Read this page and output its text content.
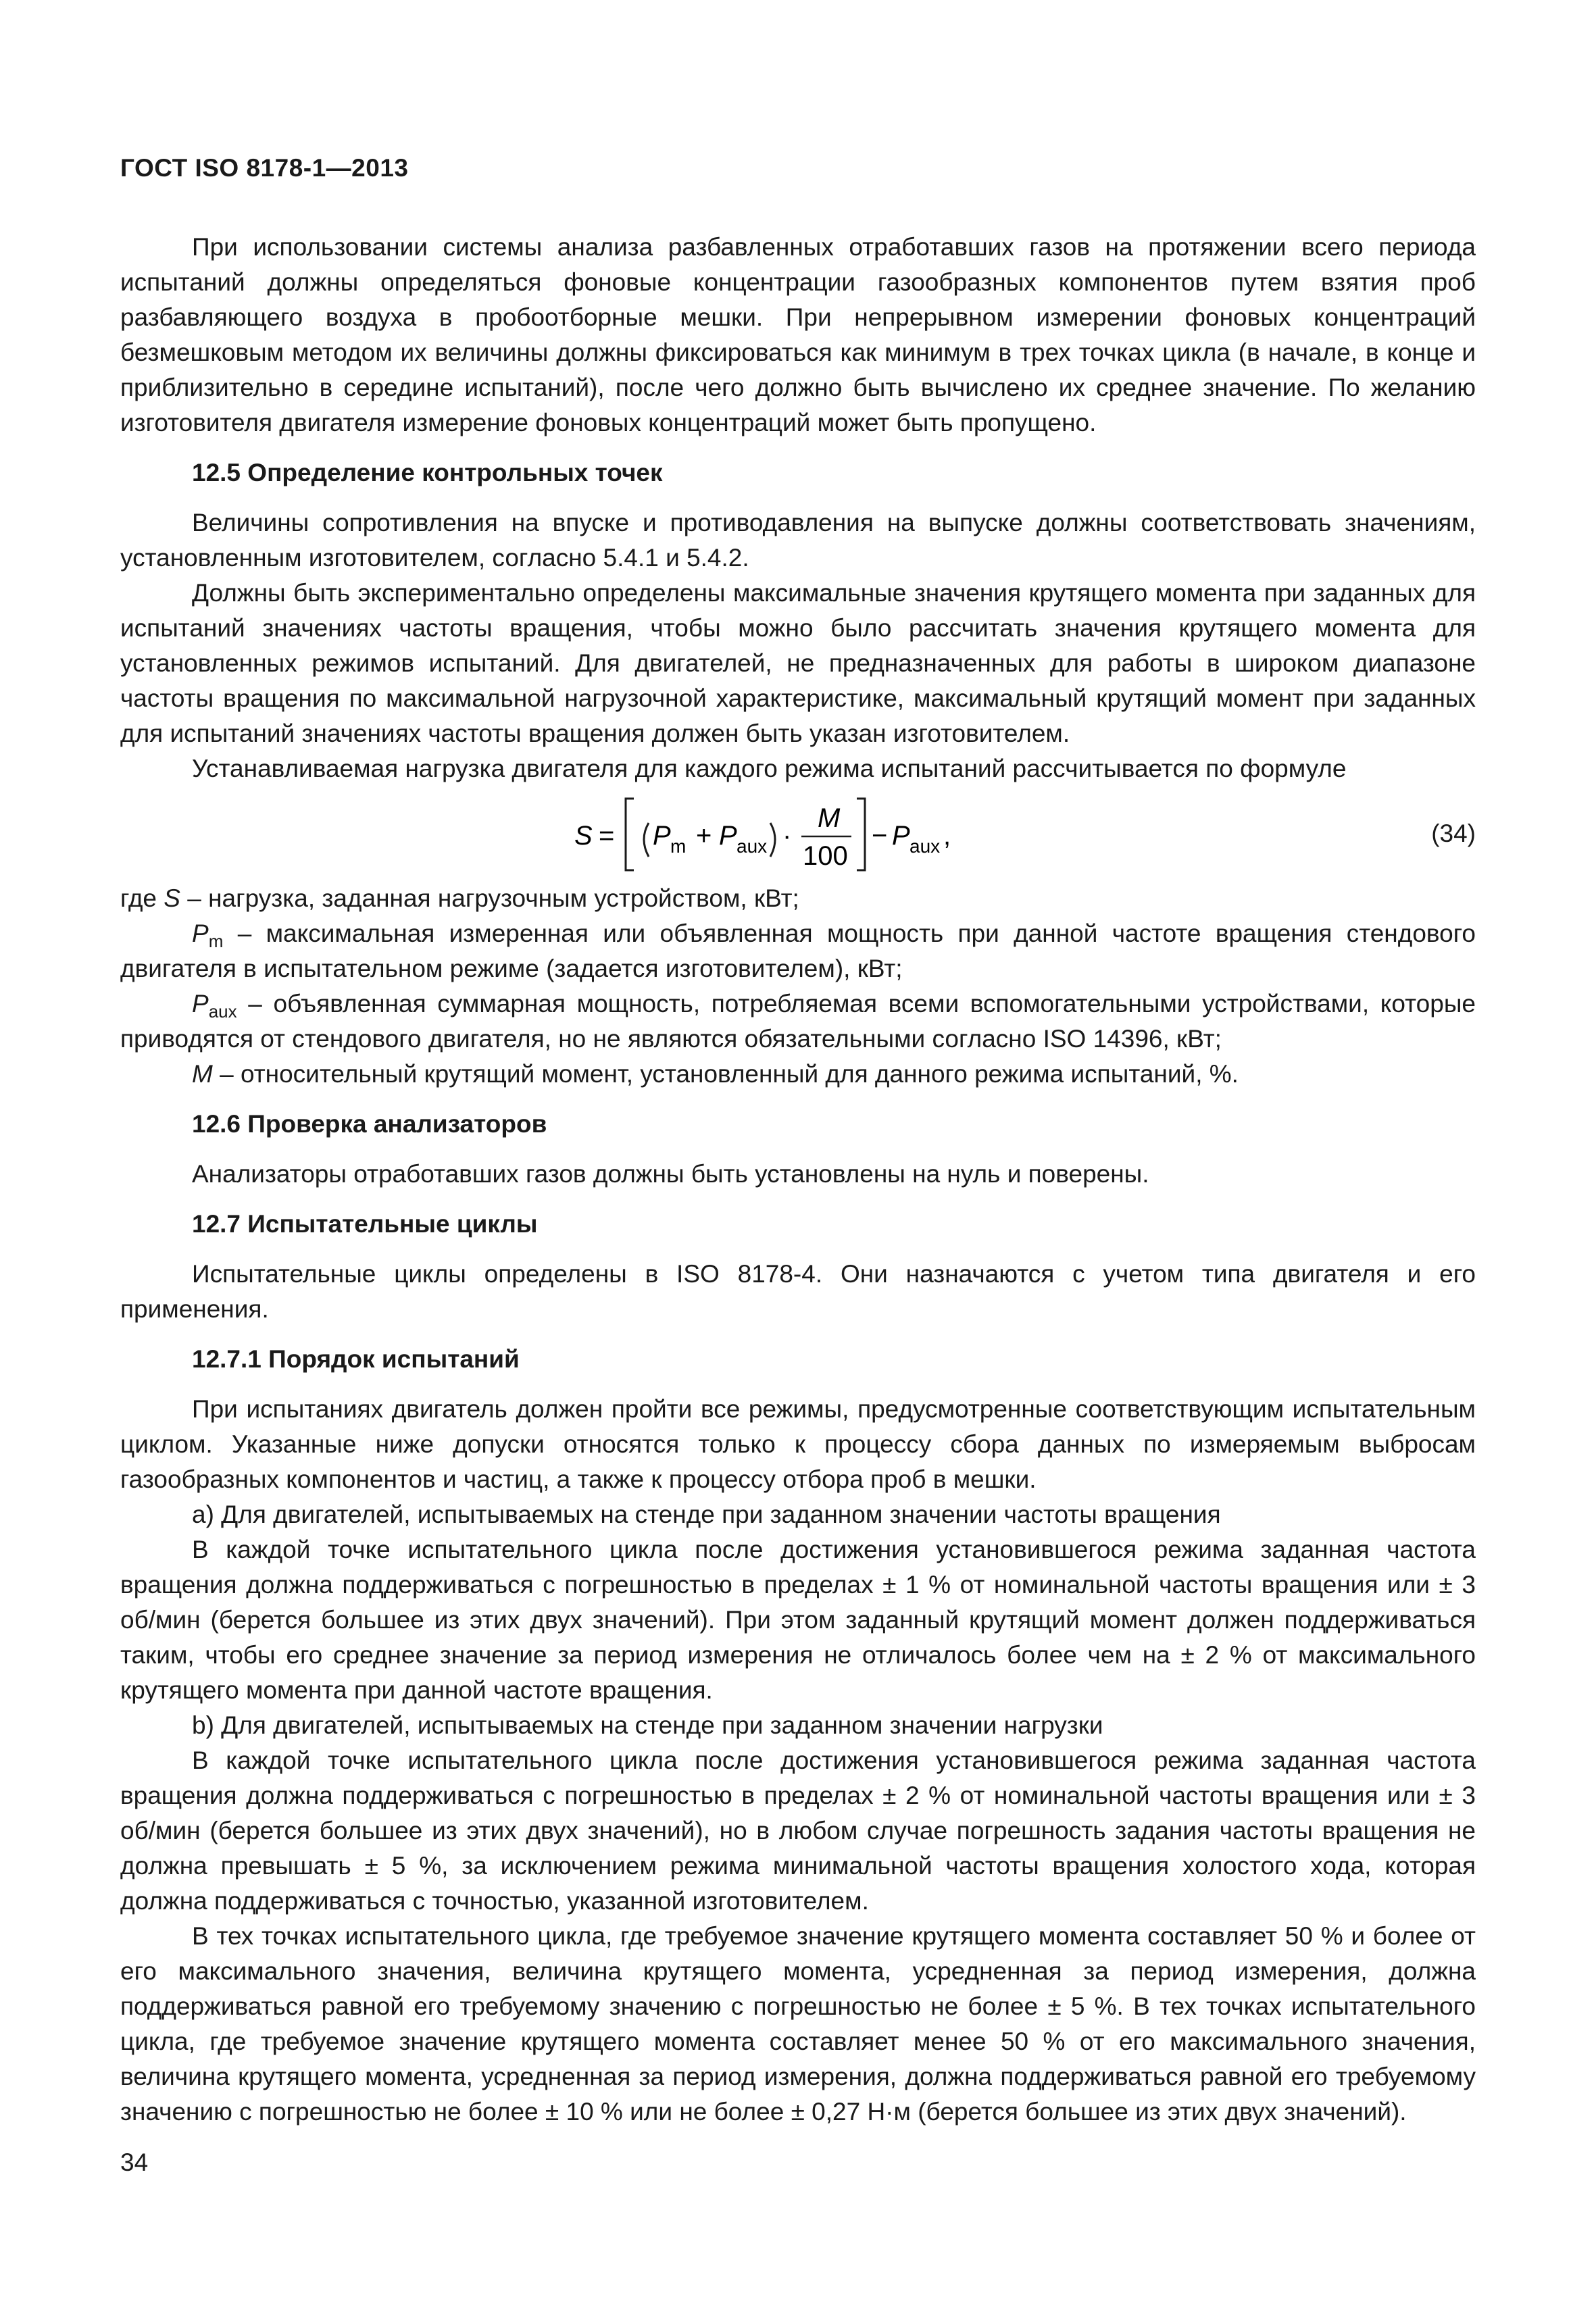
ГОСТ ISO 8178-1—2013

При использовании системы анализа разбавленных отработавших газов на протяжении всего периода испытаний должны определяться фоновые концентрации газообразных компонентов путем взятия проб разбавляющего воздуха в пробоотборные мешки. При непрерывном измерении фоновых концентраций безмешковым методом их величины должны фиксироваться как минимум в трех точках цикла (в начале, в конце и приблизительно в середине испытаний), после чего должно быть вычислено их среднее значение. По желанию изготовителя двигателя измерение фоновых концентраций может быть пропущено.

12.5 Определение контрольных точек

Величины сопротивления на впуске и противодавления на выпуске должны соответствовать значениям, установленным изготовителем, согласно 5.4.1 и 5.4.2.

Должны быть экспериментально определены максимальные значения крутящего момента при заданных для испытаний значениях частоты вращения, чтобы можно было рассчитать значения крутящего момента для установленных режимов испытаний. Для двигателей, не предназначенных для работы в широком диапазоне частоты вращения по максимальной нагрузочной характеристике, максимальный крутящий момент при заданных для испытаний значениях частоты вращения должен быть указан изготовителем.

Устанавливаемая нагрузка двигателя для каждого режима испытаний рассчитывается по формуле

S = P m + P aux ·
M
100
− P aux ,	(34)

где S – нагрузка, заданная нагрузочным устройством, кВт;

$P_m$ – максимальная измеренная или объявленная мощность при данной частоте вращения стендового двигателя в испытательном режиме (задается изготовителем), кВт;

$P_{aux}$ – объявленная суммарная мощность, потребляемая всеми вспомогательными устройствами, которые приводятся от стендового двигателя, но не являются обязательными согласно ISO 14396, кВт;

M – относительный крутящий момент, установленный для данного режима испытаний, %.

12.6 Проверка анализаторов

Анализаторы отработавших газов должны быть установлены на нуль и поверены.

12.7 Испытательные циклы

Испытательные циклы определены в ISO 8178-4. Они назначаются с учетом типа двигателя и его применения.

12.7.1 Порядок испытаний

При испытаниях двигатель должен пройти все режимы, предусмотренные соответствующим испытательным циклом. Указанные ниже допуски относятся только к процессу сбора данных по измеряемым выбросам газообразных компонентов и частиц, а также к процессу отбора проб в мешки.

a) Для двигателей, испытываемых на стенде при заданном значении частоты вращения

В каждой точке испытательного цикла после достижения установившегося режима заданная частота вращения должна поддерживаться с погрешностью в пределах ± 1 % от номинальной частоты вращения или ± 3 об/мин (берется большее из этих двух значений). При этом заданный крутящий момент должен поддерживаться таким, чтобы его среднее значение за период измерения не отличалось более чем на ± 2 % от максимального крутящего момента при данной частоте вращения.

b) Для двигателей, испытываемых на стенде при заданном значении нагрузки

В каждой точке испытательного цикла после достижения установившегося режима заданная частота вращения должна поддерживаться с погрешностью в пределах ± 2 % от номинальной частоты вращения или ± 3 об/мин (берется большее из этих двух значений), но в любом случае погрешность задания частоты вращения не должна превышать ± 5 %, за исключением режима минимальной частоты вращения холостого хода, которая должна поддерживаться с точностью, указанной изготовителем.

В тех точках испытательного цикла, где требуемое значение крутящего момента составляет 50 % и более от его максимального значения, величина крутящего момента, усредненная за период измерения, должна поддерживаться равной его требуемому значению с погрешностью не более ± 5 %. В тех точках испытательного цикла, где требуемое значение крутящего момента составляет менее 50 % от его максимального значения, величина крутящего момента, усредненная за период измерения, должна поддерживаться равной его требуемому значению с погрешностью не более ± 10 % или не более ± 0,27 Н·м (берется большее из этих двух значений).

34
